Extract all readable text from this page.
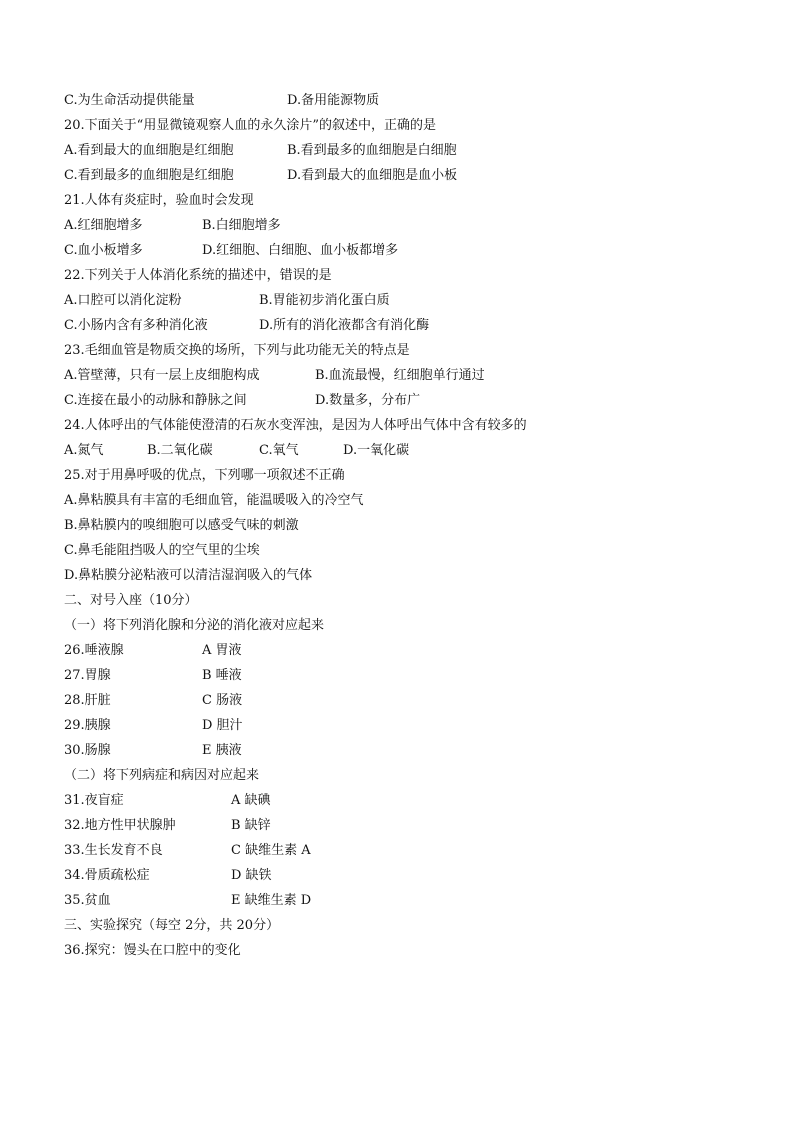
C.为生命活动提供能量	D.备用能源物质
20.下面关于“用显微镜观察人血的永久涂片”的叙述中，正确的是
A.看到最大的血细胞是红细胞	B.看到最多的血细胞是白细胞
C.看到最多的血细胞是红细胞	D.看到最大的血细胞是血小板
21.人体有炎症时，验血时会发现
A.红细胞增多	B.白细胞增多
C.血小板增多	D.红细胞、白细胞、血小板都增多
22.下列关于人体消化系统的描述中，错误的是
A.口腔可以消化淀粉	B.胃能初步消化蛋白质
C.小肠内含有多种消化液	D.所有的消化液都含有消化酶
23.毛细血管是物质交换的场所，下列与此功能无关的特点是
A.管壁薄，只有一层上皮细胞构成	B.血流最慢，红细胞单行通过
C.连接在最小的动脉和静脉之间	D.数量多，分布广
24.人体呼出的气体能使澄清的石灰水变浑浊，是因为人体呼出气体中含有较多的
A.氮气	B.二氧化碳	C.氧气	D.一氧化碳
25.对于用鼻呼吸的优点，下列哪一项叙述不正确
A.鼻粘膜具有丰富的毛细血管，能温暖吸入的冷空气
B.鼻粘膜内的嗅细胞可以感受气味的刺激
C.鼻毛能阻挡吸人的空气里的尘埃
D.鼻粘膜分泌粘液可以清洁湿润吸入的气体
二、对号入座（10分）
（一）将下列消化腺和分泌的消化液对应起来
26.唾液腺	A 胃液
27.胃腺	B 唾液
28.肝脏	C 肠液
29.胰腺	D 胆汁
30.肠腺	E 胰液
（二）将下列病症和病因对应起来
31.夜盲症	A 缺碘
32.地方性甲状腺肿	B 缺锌
33.生长发育不良	C 缺维生素 A
34.骨质疏松症	D 缺铁
35.贫血	E 缺维生素 D
三、实验探究（每空 2分，共 20分）
36.探究：馒头在口腔中的变化
